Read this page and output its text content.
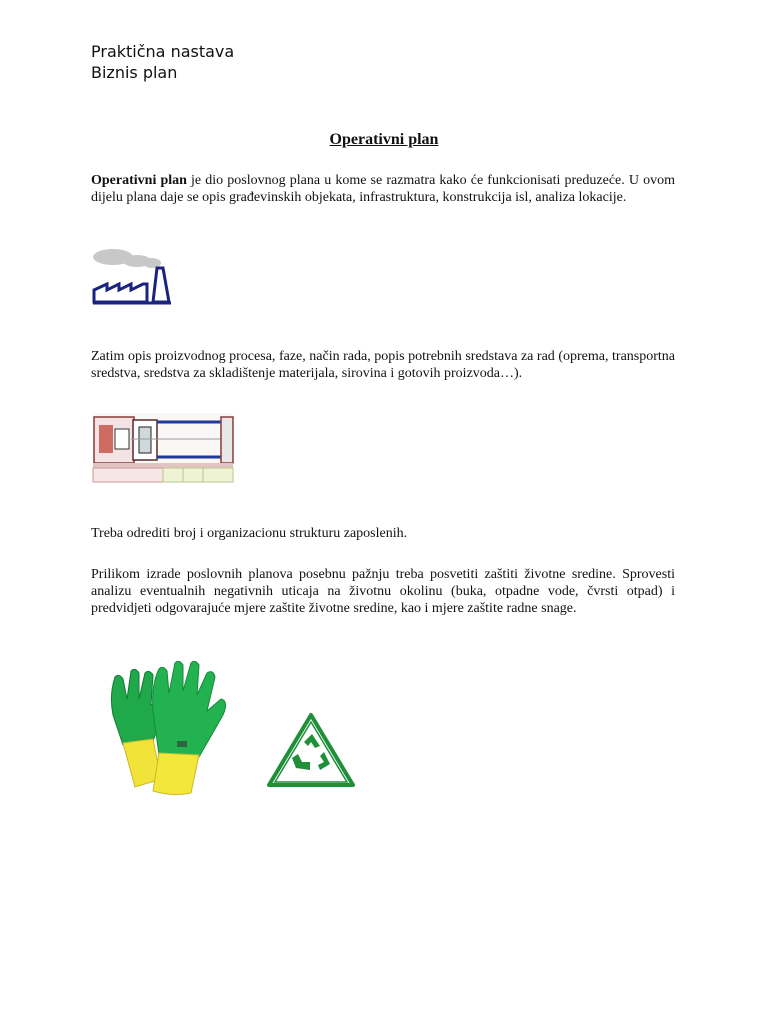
Praktična nastava
Biznis plan
Operativni plan
Operativni plan je dio poslovnog plana u kome se razmatra kako će funkcionisati preduzeće. U ovom dijelu plana daje se opis građevinskih objekata, infrastruktura, konstrukcija isl, analiza lokacije.
Zatim opis proizvodnog procesa, faze, način rada, popis potrebnih sredstava za rad (oprema, transportna sredstva, sredstva za skladištenje materijala, sirovina i gotovih proizvoda…).
Treba odrediti broj i organizacionu strukturu zaposlenih.
Prilikom izrade poslovnih planova posebnu pažnju treba posvetiti zaštiti životne sredine. Sprovesti analizu eventualnih negativnih uticaja na životnu okolinu (buka, otpadne vode, čvrsti otpad) i predvidjeti odgovarajuće mjere zaštite životne sredine, kao i mjere zaštite radne snage.
